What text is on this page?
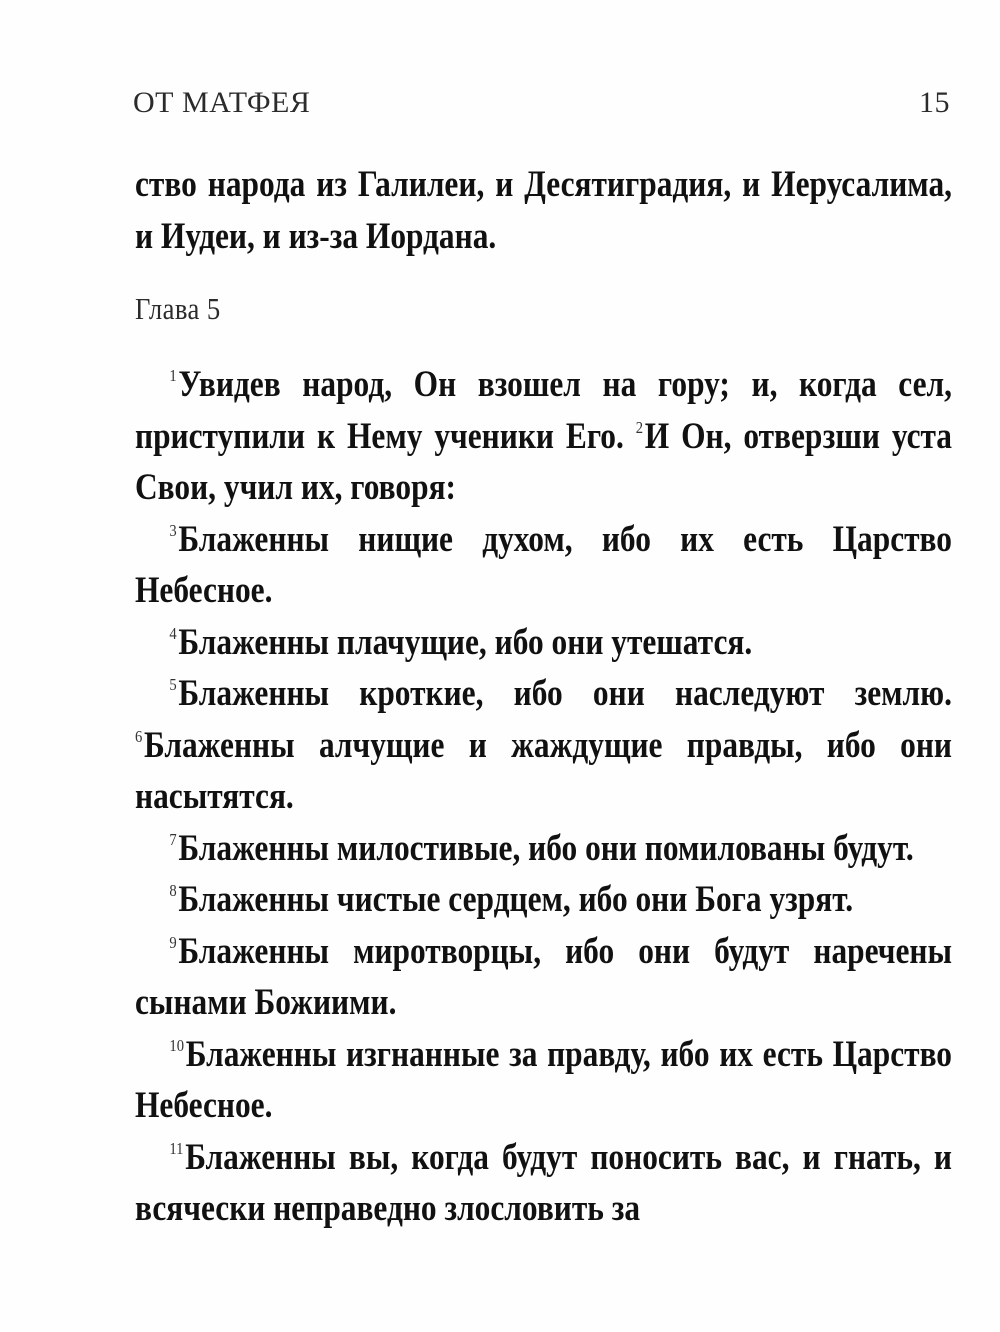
ОТ МАТФЕЯ	15

ство народа из Галилеи, и Десятиградия, и Иерусалима, и Иудеи, и из-за Иордана.

Глава 5

$^1$Увидев народ, Он взошел на гору; и, когда сел, приступили к Нему ученики Его. $^2$И Он, отверзши уста Свои, учил их, говоря:

$^3$Блаженны нищие духом, ибо их есть Царство Небесное.

$^4$Блаженны плачущие, ибо они утешатся.

$^5$Блаженны кроткие, ибо они наследуют землю. $^6$Блаженны алчущие и жаждущие правды, ибо они насытятся.

$^7$Блаженны милостивые, ибо они помилованы будут.

$^8$Блаженны чистые сердцем, ибо они Бога узрят.

$^9$Блаженны миротворцы, ибо они будут наречены сынами Божиими.

$^{10}$Блаженны изгнанные за правду, ибо их есть Царство Небесное.

$^{11}$Блаженны вы, когда будут поносить вас, и гнать, и всячески неправедно злословить за
